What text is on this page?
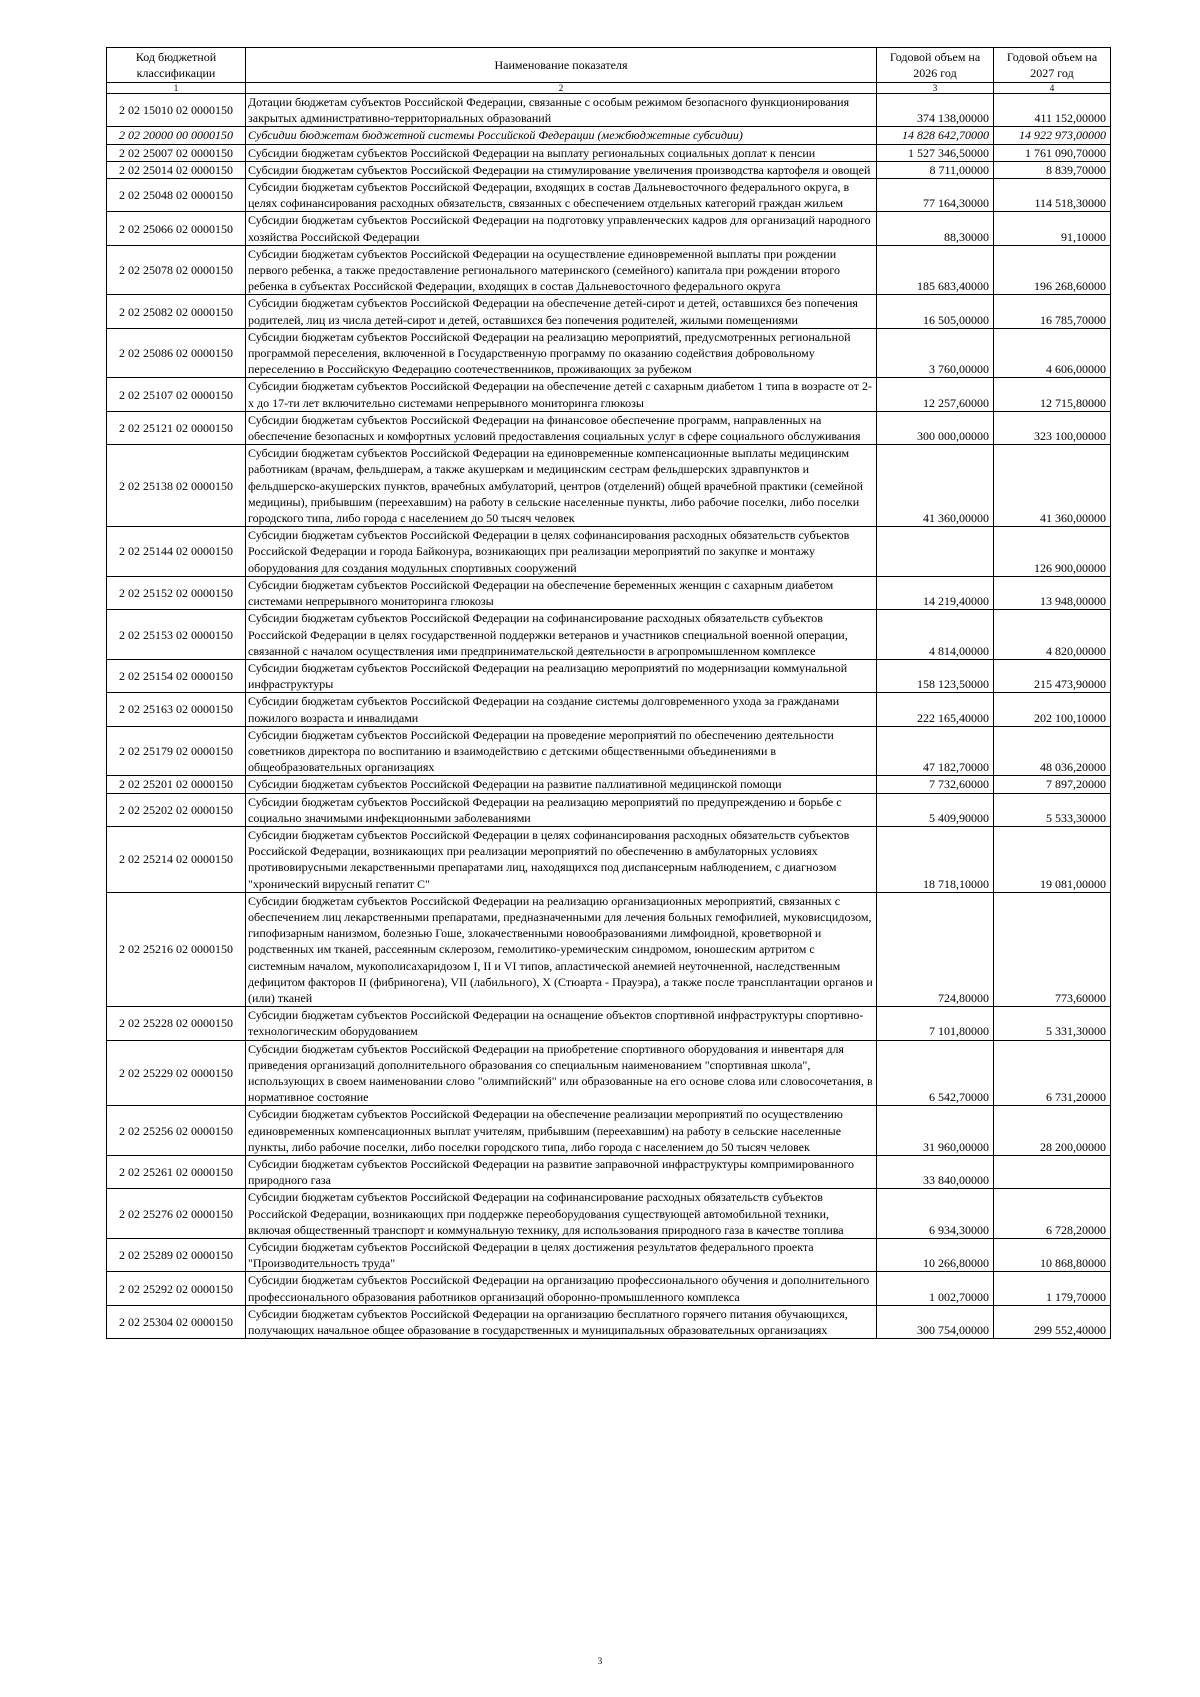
Код бюджетной классификации	Наименование показателя	Годовой объем на 2026 год	Годовой объем на 2027 год
1	2	3	4
2 02 15010 02 0000150	Дотации бюджетам субъектов Российской Федерации, связанные с особым режимом безопасного функционирования закрытых административно-территориальных образований	374 138,00000	411 152,00000
2 02 20000 00 0000150	Субсидии бюджетам бюджетной системы Российской Федерации (межбюджетные субсидии)	14 828 642,70000	14 922 973,00000
2 02 25007 02 0000150	Субсидии бюджетам субъектов Российской Федерации на выплату региональных социальных доплат к пенсии	1 527 346,50000	1 761 090,70000
2 02 25014 02 0000150	Субсидии бюджетам субъектов Российской Федерации на стимулирование увеличения производства картофеля и овощей	8 711,00000	8 839,70000
2 02 25048 02 0000150	Субсидии бюджетам субъектов Российской Федерации, входящих в состав Дальневосточного федерального округа, в целях софинансирования расходных обязательств, связанных с обеспечением отдельных категорий граждан жильем	77 164,30000	114 518,30000
2 02 25066 02 0000150	Субсидии бюджетам субъектов Российской Федерации на подготовку управленческих кадров для организаций народного хозяйства Российской Федерации	88,30000	91,10000
2 02 25078 02 0000150	Субсидии бюджетам субъектов Российской Федерации на осуществление единовременной выплаты при рождении первого ребенка, а также предоставление регионального материнского (семейного) капитала при рождении второго ребенка в субъектах Российской Федерации, входящих в состав Дальневосточного федерального округа	185 683,40000	196 268,60000
2 02 25082 02 0000150	Субсидии бюджетам субъектов Российской Федерации на обеспечение детей-сирот и детей, оставшихся без попечения родителей, лиц из числа детей-сирот и детей, оставшихся без попечения родителей, жилыми помещениями	16 505,00000	16 785,70000
2 02 25086 02 0000150	Субсидии бюджетам субъектов Российской Федерации на реализацию мероприятий, предусмотренных региональной программой переселения, включенной в Государственную программу по оказанию содействия добровольному переселению в Российскую Федерацию соотечественников, проживающих за рубежом	3 760,00000	4 606,00000
2 02 25107 02 0000150	Субсидии бюджетам субъектов Российской Федерации на обеспечение детей с сахарным диабетом 1 типа в возрасте от 2-х до 17-ти лет включительно системами непрерывного мониторинга глюкозы	12 257,60000	12 715,80000
2 02 25121 02 0000150	Субсидии бюджетам субъектов Российской Федерации на финансовое обеспечение программ, направленных на обеспечение безопасных и комфортных условий предоставления социальных услуг в сфере социального обслуживания	300 000,00000	323 100,00000
2 02 25138 02 0000150	Субсидии бюджетам субъектов Российской Федерации на единовременные компенсационные выплаты медицинским работникам (врачам, фельдшерам, а также акушеркам и медицинским сестрам фельдшерских здравпунктов и фельдшерско-акушерских пунктов, врачебных амбулаторий, центров (отделений) общей врачебной практики (семейной медицины), прибывшим (переехавшим) на работу в сельские населенные пункты, либо рабочие поселки, либо поселки городского типа, либо города с населением до 50 тысяч человек	41 360,00000	41 360,00000
2 02 25144 02 0000150	Субсидии бюджетам субъектов Российской Федерации в целях софинансирования расходных обязательств субъектов Российской Федерации и города Байконура, возникающих при реализации мероприятий по закупке и монтажу оборудования для создания модульных спортивных сооружений		126 900,00000
2 02 25152 02 0000150	Субсидии бюджетам субъектов Российской Федерации на обеспечение беременных женщин с сахарным диабетом системами непрерывного мониторинга глюкозы	14 219,40000	13 948,00000
2 02 25153 02 0000150	Субсидии бюджетам субъектов Российской Федерации на софинансирование расходных обязательств субъектов Российской Федерации в целях государственной поддержки ветеранов и участников специальной военной операции, связанной с началом осуществления ими предпринимательской деятельности в агропромышленном комплексе	4 814,00000	4 820,00000
2 02 25154 02 0000150	Субсидии бюджетам субъектов Российской Федерации на реализацию мероприятий по модернизации коммунальной инфраструктуры	158 123,50000	215 473,90000
2 02 25163 02 0000150	Субсидии бюджетам субъектов Российской Федерации на создание системы долговременного ухода за гражданами пожилого возраста и инвалидами	222 165,40000	202 100,10000
2 02 25179 02 0000150	Субсидии бюджетам субъектов Российской Федерации на проведение мероприятий по обеспечению деятельности советников директора по воспитанию и взаимодействию с детскими общественными объединениями в общеобразовательных организациях	47 182,70000	48 036,20000
2 02 25201 02 0000150	Субсидии бюджетам субъектов Российской Федерации на развитие паллиативной медицинской помощи	7 732,60000	7 897,20000
2 02 25202 02 0000150	Субсидии бюджетам субъектов Российской Федерации на реализацию мероприятий по предупреждению и борьбе с социально значимыми инфекционными заболеваниями	5 409,90000	5 533,30000
2 02 25214 02 0000150	Субсидии бюджетам субъектов Российской Федерации в целях софинансирования расходных обязательств субъектов Российской Федерации, возникающих при реализации мероприятий по обеспечению в амбулаторных условиях противовирусными лекарственными препаратами лиц, находящихся под диспансерным наблюдением, с диагнозом "хронический вирусный гепатит С"	18 718,10000	19 081,00000
2 02 25216 02 0000150	Субсидии бюджетам субъектов Российской Федерации на реализацию организационных мероприятий, связанных с обеспечением лиц лекарственными препаратами, предназначенными для лечения больных гемофилией, муковисцидозом, гипофизарным нанизмом, болезнью Гоше, злокачественными новообразованиями лимфоидной, кроветворной и родственных им тканей, рассеянным склерозом, гемолитико-уремическим синдромом, юношеским артритом с системным началом, мукополисахаридозом I, II и VI типов, апластической анемией неуточненной, наследственным дефицитом факторов II (фибриногена), VII (лабильного), X (Стюарта - Прауэра), а также после трансплантации органов и (или) тканей	724,80000	773,60000
2 02 25228 02 0000150	Субсидии бюджетам субъектов Российской Федерации на оснащение объектов спортивной инфраструктуры спортивно-технологическим оборудованием	7 101,80000	5 331,30000
2 02 25229 02 0000150	Субсидии бюджетам субъектов Российской Федерации на приобретение спортивного оборудования и инвентаря для приведения организаций дополнительного образования со специальным наименованием "спортивная школа", использующих в своем наименовании слово "олимпийский" или образованные на его основе слова или словосочетания, в нормативное состояние	6 542,70000	6 731,20000
2 02 25256 02 0000150	Субсидии бюджетам субъектов Российской Федерации на обеспечение реализации мероприятий по осуществлению единовременных компенсационных выплат учителям, прибывшим (переехавшим) на работу в сельские населенные пункты, либо рабочие поселки, либо поселки городского типа, либо города с населением до 50 тысяч человек	31 960,00000	28 200,00000
2 02 25261 02 0000150	Субсидии бюджетам субъектов Российской Федерации на развитие заправочной инфраструктуры компримированного природного газа	33 840,00000	
2 02 25276 02 0000150	Субсидии бюджетам субъектов Российской Федерации на софинансирование расходных обязательств субъектов Российской Федерации, возникающих при поддержке переоборудования существующей автомобильной техники, включая общественный транспорт и коммунальную технику, для использования природного газа в качестве топлива	6 934,30000	6 728,20000
2 02 25289 02 0000150	Субсидии бюджетам субъектов Российской Федерации в целях достижения результатов федерального проекта "Производительность труда"	10 266,80000	10 868,80000
2 02 25292 02 0000150	Субсидии бюджетам субъектов Российской Федерации на организацию профессионального обучения и дополнительного профессионального образования работников организаций оборонно-промышленного комплекса	1 002,70000	1 179,70000
2 02 25304 02 0000150	Субсидии бюджетам субъектов Российской Федерации на организацию бесплатного горячего питания обучающихся, получающих начальное общее образование в государственных и муниципальных образовательных организациях	300 754,00000	299 552,40000
3
